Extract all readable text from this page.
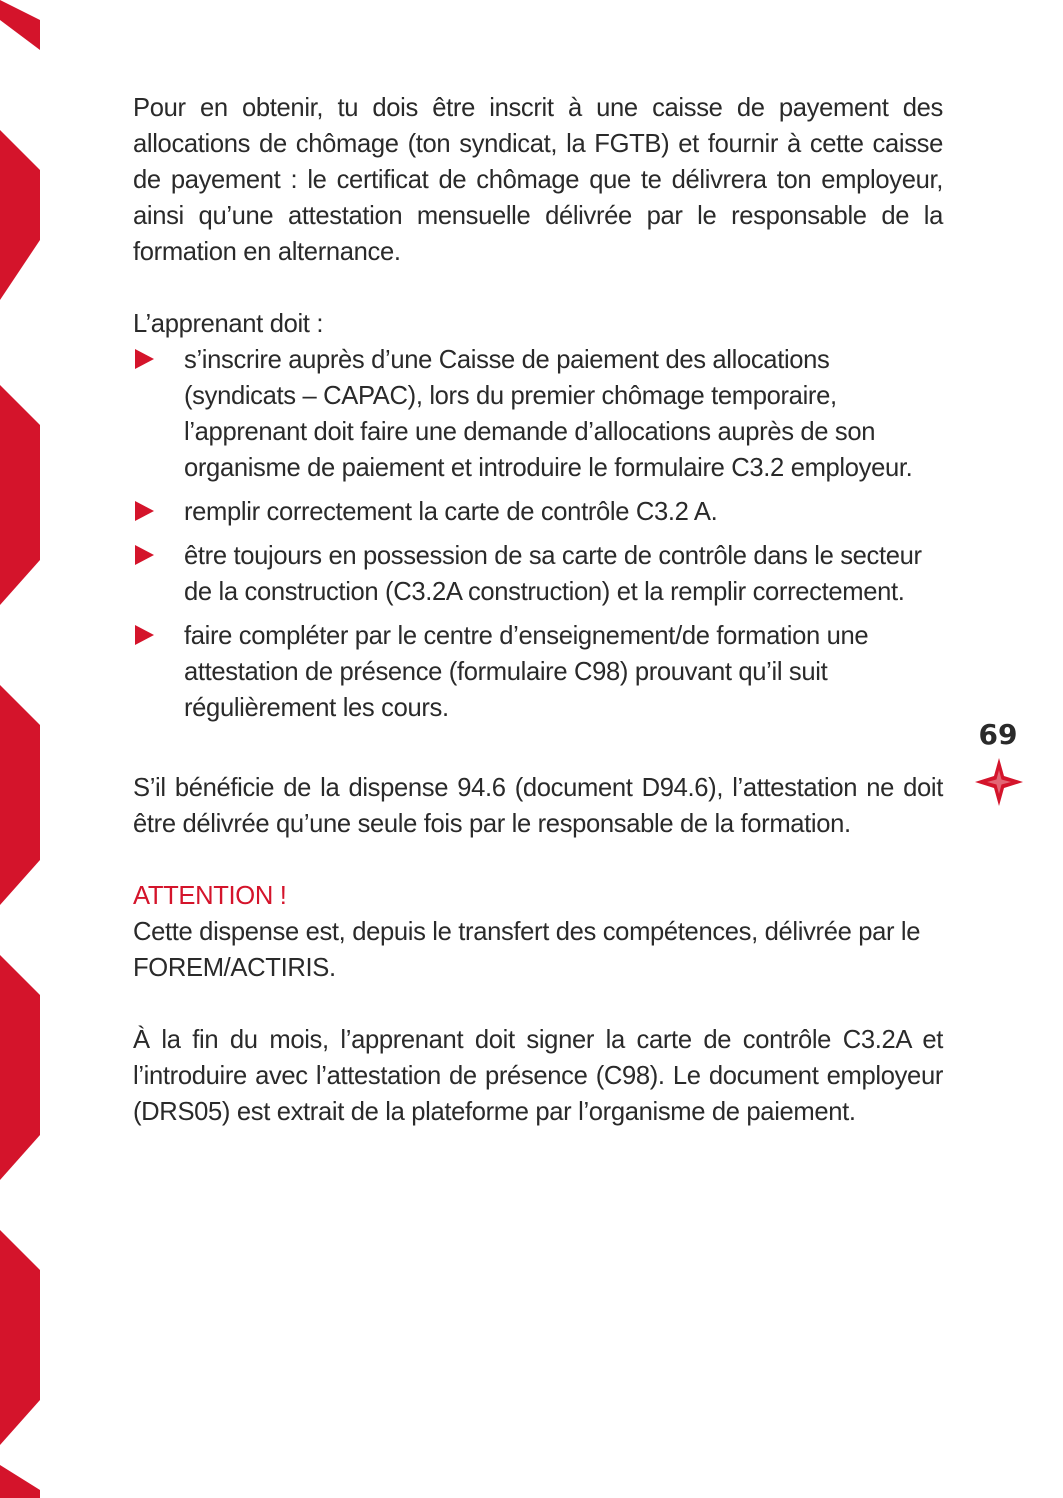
Pour en obtenir, tu dois être inscrit à une caisse de payement des allocations de chômage (ton syndicat, la FGTB) et fournir à cette caisse de payement : le certificat de chômage que te délivrera ton employeur, ainsi qu’une attestation mensuelle délivrée par le responsable de la formation en alternance.

L’apprenant doit :

s’inscrire auprès d’une Caisse de paiement des allocations (syndicats – CAPAC), lors du premier chômage temporaire, l’apprenant doit faire une demande d’allocations auprès de son organisme de paiement et introduire le formulaire C3.2 employeur.
remplir correctement la carte de contrôle C3.2 A.
être toujours en possession de sa carte de contrôle dans le secteur de la construction (C3.2A construction) et la remplir correctement.
faire compléter par le centre d’enseignement/de formation une attestation de présence (formulaire C98) prouvant qu’il suit régulièrement les cours.

S’il bénéficie de la dispense 94.6 (document D94.6), l’attestation ne doit être délivrée qu’une seule fois par le responsable de la formation.

ATTENTION !

Cette dispense est, depuis le transfert des compétences, délivrée par le FOREM/ACTIRIS.

À la fin du mois, l’apprenant doit signer la carte de contrôle C3.2A et l’introduire avec l’attestation de présence (C98). Le document employeur (DRS05) est extrait de la plateforme par l’organisme de paiement.

69
